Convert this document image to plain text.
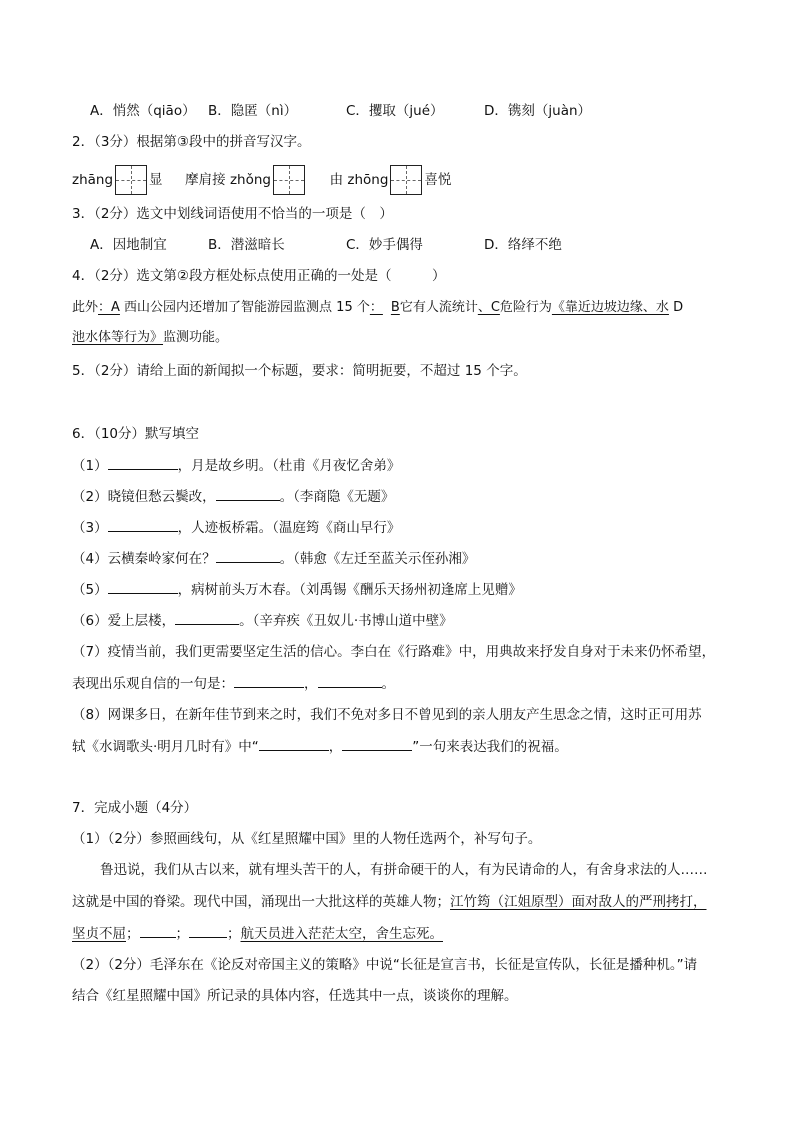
A．悄然（qiāo） B．隐匿（nì）	C．攫取（jué）	D．镌刻（juàn）
2．（3分）根据第③段中的拼音写汉字。
zhāng	显 摩肩接 zhǒng	由 zhōng	喜悦
3．（2分）选文中划线词语使用不恰当的一项是（　）
A．因地制宜	B．潜滋暗长	C．妙手偶得	D．络绎不绝
4．（2分）选文第②段方框处标点使用正确的一处是（　　　）
此外：A 西山公园内还增加了智能游园监测点 15 个： B它有人流统计、C危险行为《靠近边坡边缘、水 D
池水体等行为》监测功能。
5．（2分）请给上面的新闻拟一个标题，要求：简明扼要，不超过 15 个字。
6．（10分）默写填空
（1）	，月是故乡明。（杜甫《月夜忆舍弟》
（2）晓镜但愁云鬓改，	。（李商隐《无题》
（3）	，人迹板桥霜。（温庭筠《商山早行》
（4）云横秦岭家何在？	。（韩愈《左迁至蓝关示侄孙湘》
（5）	，病树前头万木春。（刘禹锡《酬乐天扬州初逢席上见赠》
（6）爱上层楼，	。（辛弃疾《丑奴儿·书博山道中壁》
（7）疫情当前，我们更需要坚定生活的信心。李白在《行路难》中，用典故来抒发自身对于未来仍怀希望，
表现出乐观自信的一句是：	，	。
（8）网课多日，在新年佳节到来之时，我们不免对多日不曾见到的亲人朋友产生思念之情，这时正可用苏
轼《水调歌头·明月几时有》中“	，	”一句来表达我们的祝福。
7．完成小题（4分）
（1）（2分）参照画线句，从《红星照耀中国》里的人物任选两个，补写句子。
鲁迅说，我们从古以来，就有埋头苦干的人，有拼命硬干的人，有为民请命的人，有舍身求法的人……
这就是中国的脊梁。现代中国，涌现出一大批这样的英雄人物；江竹筠（江姐原型）面对敌人的严刑拷打，
坚贞不屈；	；	；航天员进入茫茫太空，舍生忘死。
（2）（2分）毛泽东在《论反对帝国主义的策略》中说“长征是宣言书，长征是宣传队，长征是播种机。”请
结合《红星照耀中国》所记录的具体内容，任选其中一点，谈谈你的理解。
